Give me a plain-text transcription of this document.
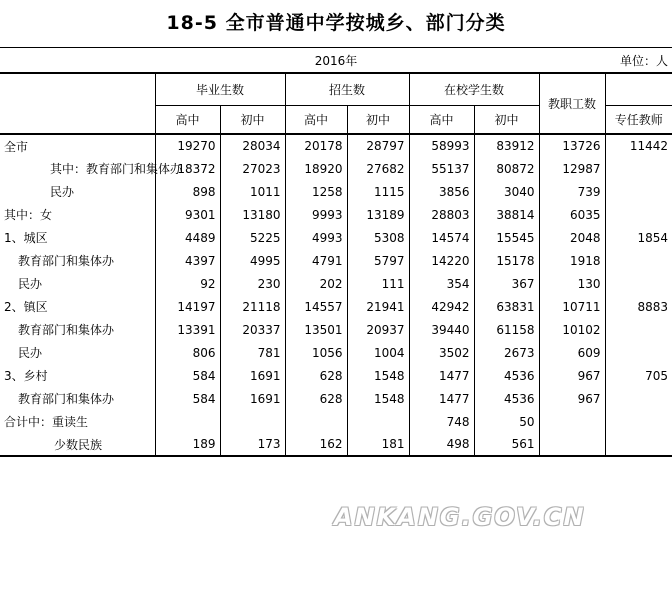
18-5 全市普通中学按城乡、部门分类
2016年	单位：人
	毕业生数		招生数		在校学生数		教职工数	
	高中	初中	高中	初中	高中	初中		专任教师
全市	19270	28034	20178	28797	58993	83912	13726	11442
其中：教育部门和集体办	18372	27023	18920	27682	55137	80872	12987	
民办	898	1011	1258	1115	3856	3040	739	
其中：女	9301	13180	9993	13189	28803	38814	6035	
1、城区	4489	5225	4993	5308	14574	15545	2048	1854
教育部门和集体办	4397	4995	4791	5797	14220	15178	1918	
民办	92	230	202	111	354	367	130	
2、镇区	14197	21118	14557	21941	42942	63831	10711	8883
教育部门和集体办	13391	20337	13501	20937	39440	61158	10102	
民办	806	781	1056	1004	3502	2673	609	
3、乡村	584	1691	628	1548	1477	4536	967	705
教育部门和集体办	584	1691	628	1548	1477	4536	967	
合计中：重读生					748	50		
少数民族	189	173	162	181	498	561		
ANKANG.GOV.CN
